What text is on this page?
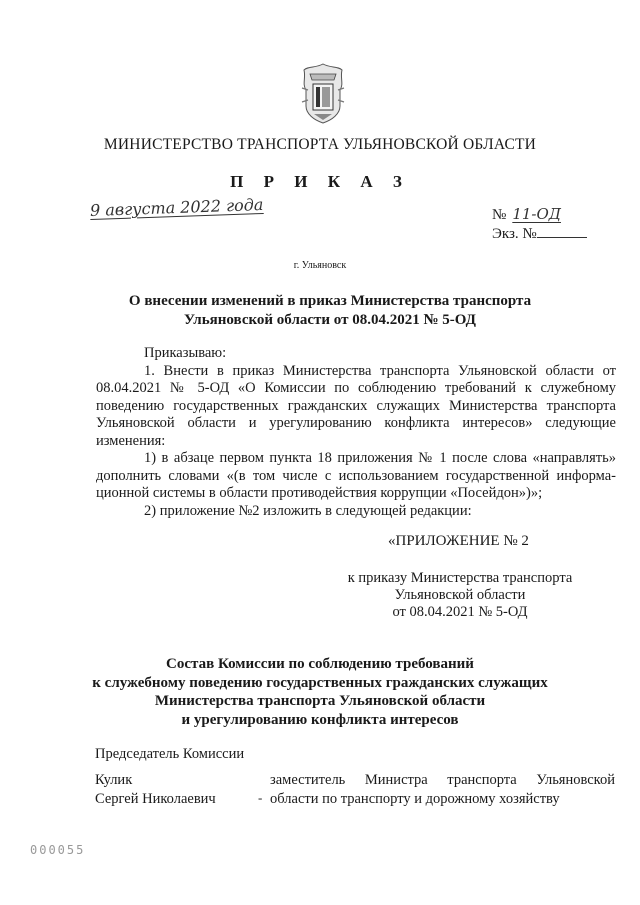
МИНИСТЕРСТВО ТРАНСПОРТА УЛЬЯНОВСКОЙ ОБЛАСТИ
П Р И К А З
9 августа 2022 года	№ 11-ОД
Экз. №
г. Ульяновск
О внесении изменений в приказ Министерства транспорта
Ульяновской области от 08.04.2021 № 5-ОД

Приказываю:

1. Внести в приказ Министерства транспорта Ульяновской области от 08.04.2021 № 5-ОД «О Комиссии по соблюдению требований к служебному поведению государственных гражданских служащих Министерства транспорта Ульяновской области и урегулированию конфликта интересов» следующие изменения:

1) в абзаце первом пункта 18 приложения № 1 после слова «направлять» дополнить словами «(в том числе с использованием государственной информа-ционной системы в области противодействия коррупции «Посейдон»)»;

2) приложение №2 изложить в следующей редакции:

«ПРИЛОЖЕНИЕ № 2
к приказу Министерства транспорта
Ульяновской области
от 08.04.2021 № 5-ОД
Состав Комиссии по соблюдению требований
к служебному поведению государственных гражданских служащих
Министерства транспорта Ульяновской области
и урегулированию конфликта интересов
Председатель Комиссии
Кулик
Сергей Николаевич	-
заместитель Министра транспорта Ульяновской
области по транспорту и дорожному хозяйству
000055
